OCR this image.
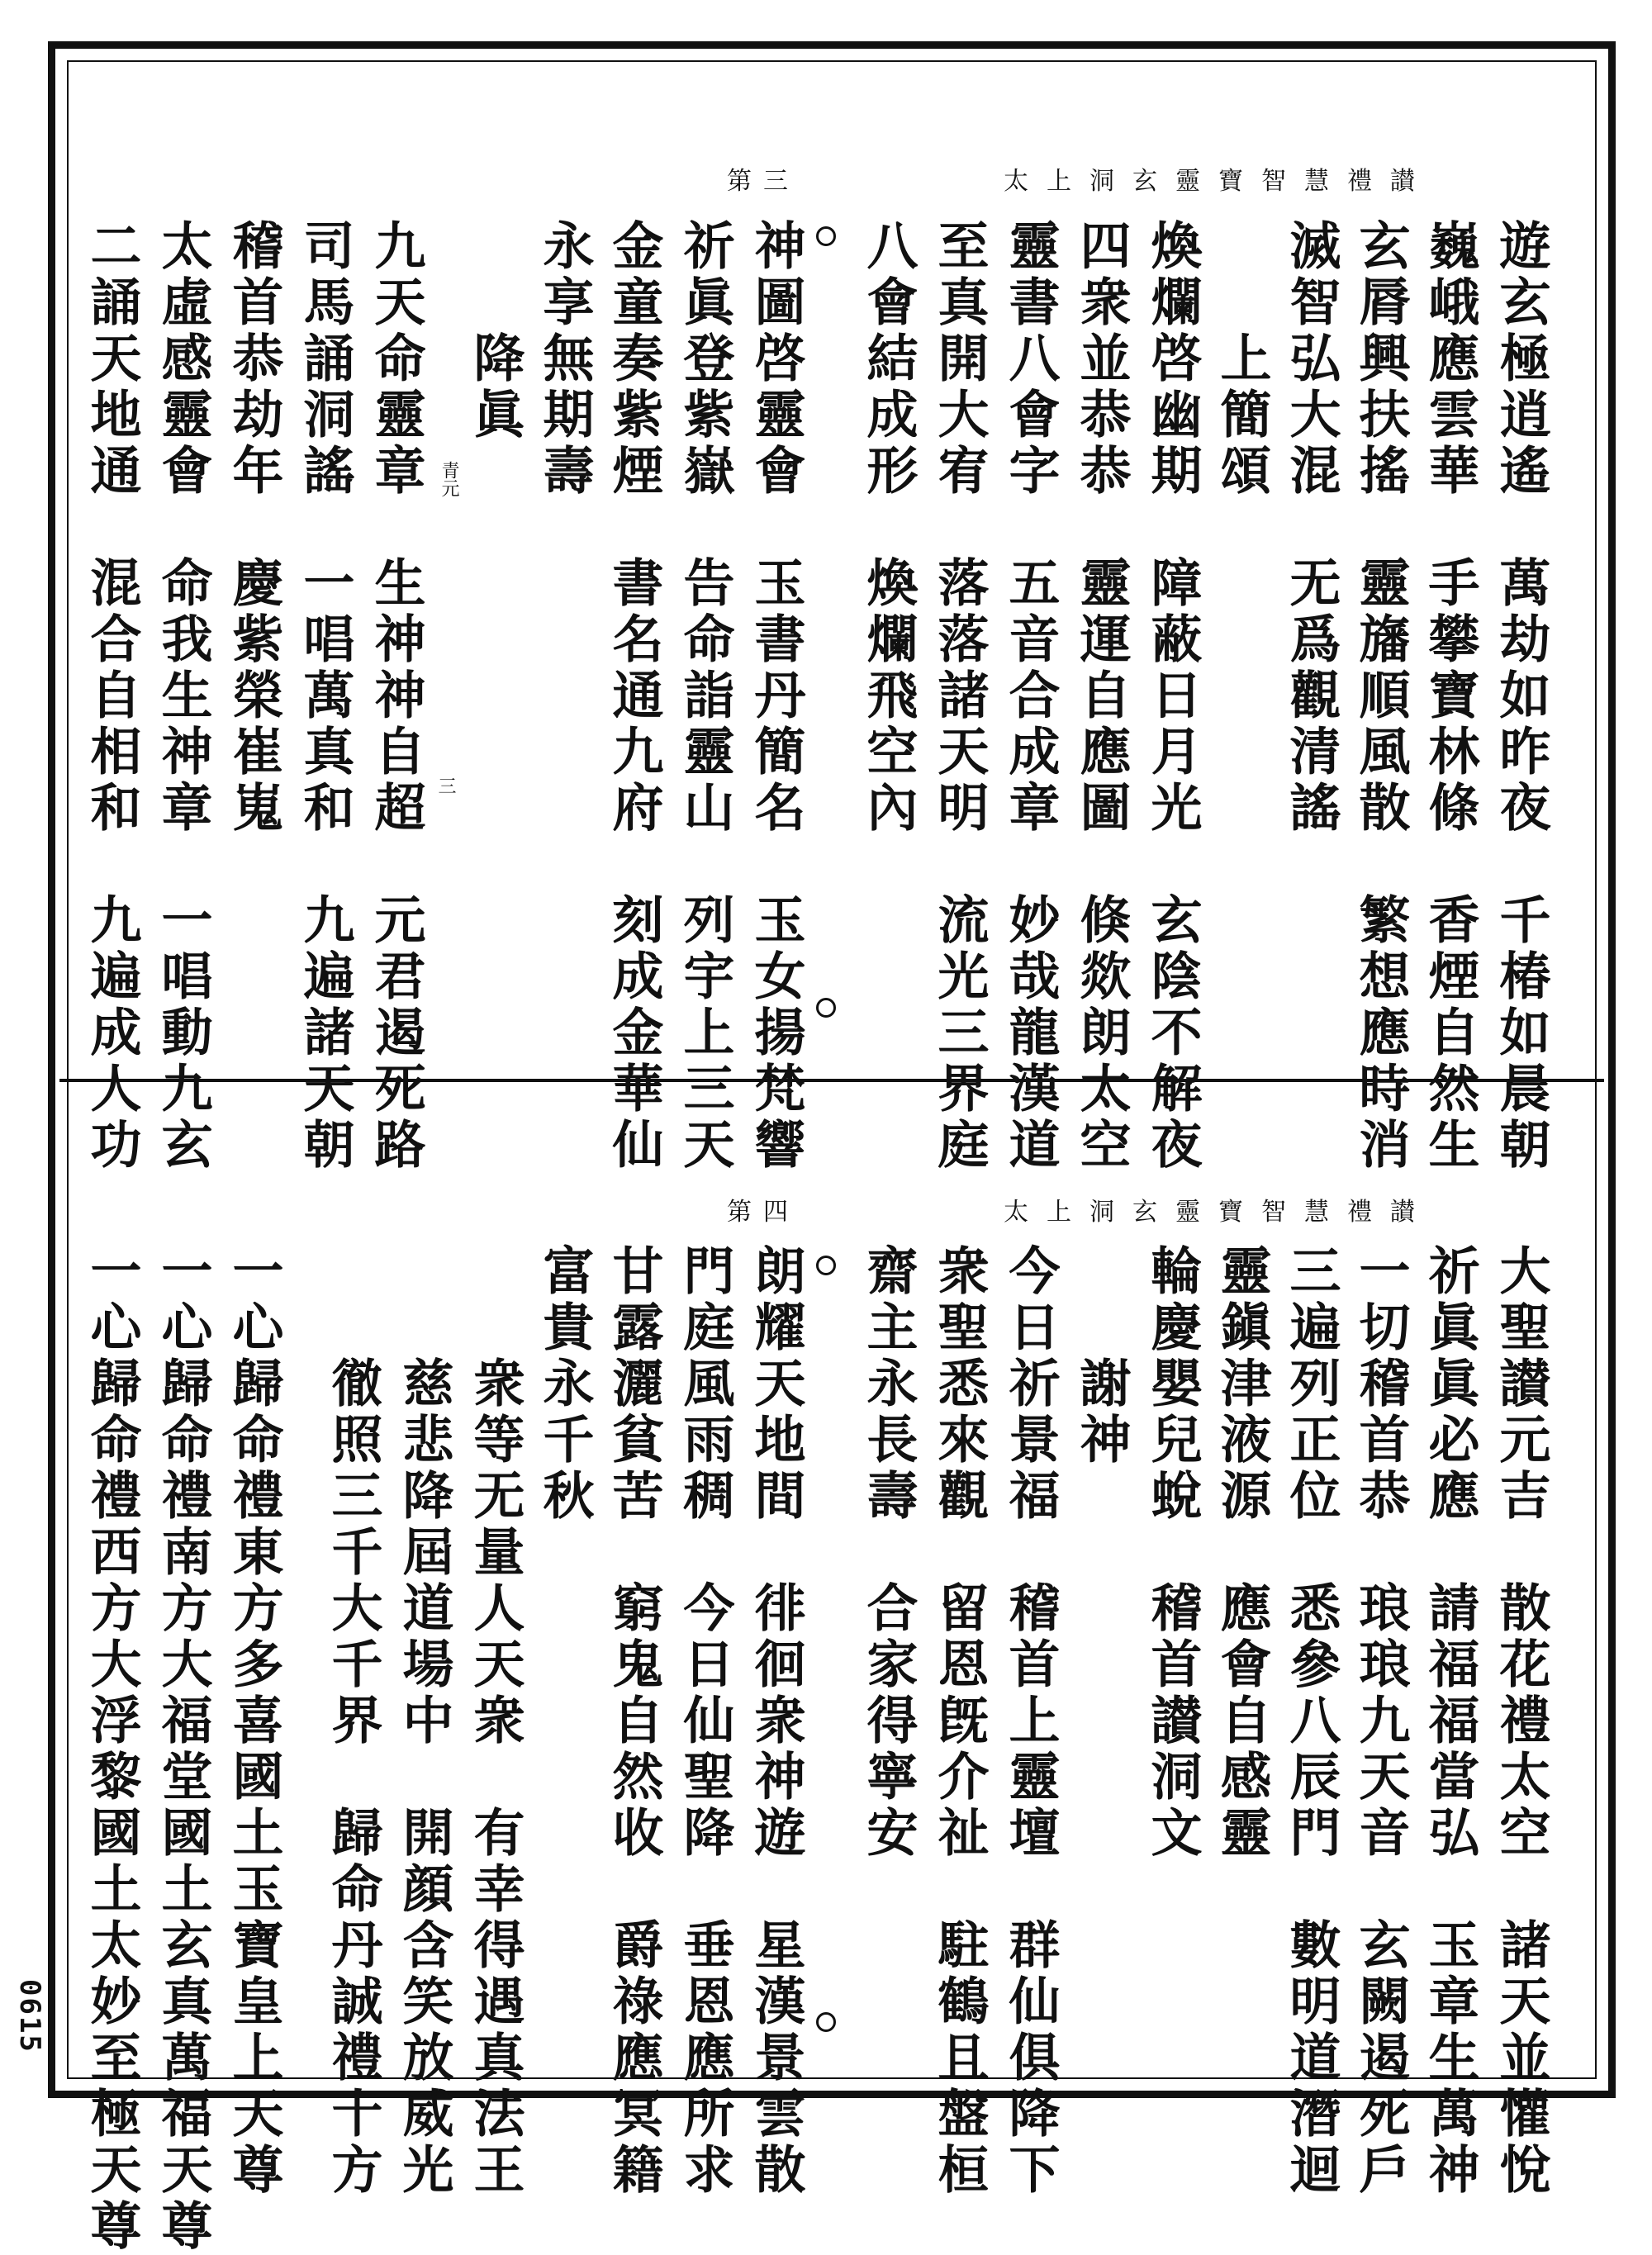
太上洞玄靈寶智慧禮讃
第三
遊玄極逍遙　萬劫如昨夜　千椿如晨朝
巍峨應雲華　手攀寶林條　香煙自然生
玄脣興扶搖　靈旛順風散　繁想應時消
滅智弘大混　无爲觀清謠
　　上簡頌
煥爛啓幽期　障蔽日月光　玄陰不解夜
四衆並恭恭　靈運自應圖　倏欻朗太空
靈書八會字　五音合成章　妙哉龍漢道
至真開大宥　落落諸天明　流光三界庭
八會結成形　煥爛飛空內
神圖啓靈會　玉書丹簡名　玉女揚梵響
祈眞登紫嶽　告命詣靈山　列宇上三天
金童奏紫煙　書名通九府　刻成金華仙
永享無期壽
　　降眞
九天命靈章　生神神自超　元君遏死路
司馬誦洞謠　一唱萬真和　九遍諸天朝
稽首恭劫年　慶紫榮崔嵬
太虛感靈會　命我生神章　一唱動九玄
二誦天地通　混合自相和　九遍成人功	青元
三
太上洞玄靈寶智慧禮讃
第四
大聖讃元吉　散花禮太空　諸天並懽悅
祈眞眞必應　請福福當弘　玉章生萬神
一切稽首恭　琅琅九天音　玄闕遏死戶
三遍列正位　悉參八辰門　數明道潛迴
靈鎭津液源　應會自感靈
輪慶嬰兒蛻　稽首讃洞文
　　謝神
今日祈景福　稽首上靈壇　群仙俱降下
衆聖悉來觀　留恩旣介祉　駐鶴且盤桓
齋主永長壽　合家得寧安
朗耀天地間　徘徊衆神遊　星漢景雲散
門庭風雨稠　今日仙聖降　垂恩應所求
甘露灑貧苦　窮鬼自然收　爵祿應冥籍
富貴永千秋
　　衆等无量人天衆　有幸得遇真法王
　　慈悲降屆道場中　開顔含笑放威光
　　徹照三千大千界　歸命丹誠禮十方
一心歸命禮東方多喜國土玉寶皇上天尊
一心歸命禮南方大福堂國土玄真萬福天尊
一心歸命禮西方大浮黎國土太妙至極天尊
0615
